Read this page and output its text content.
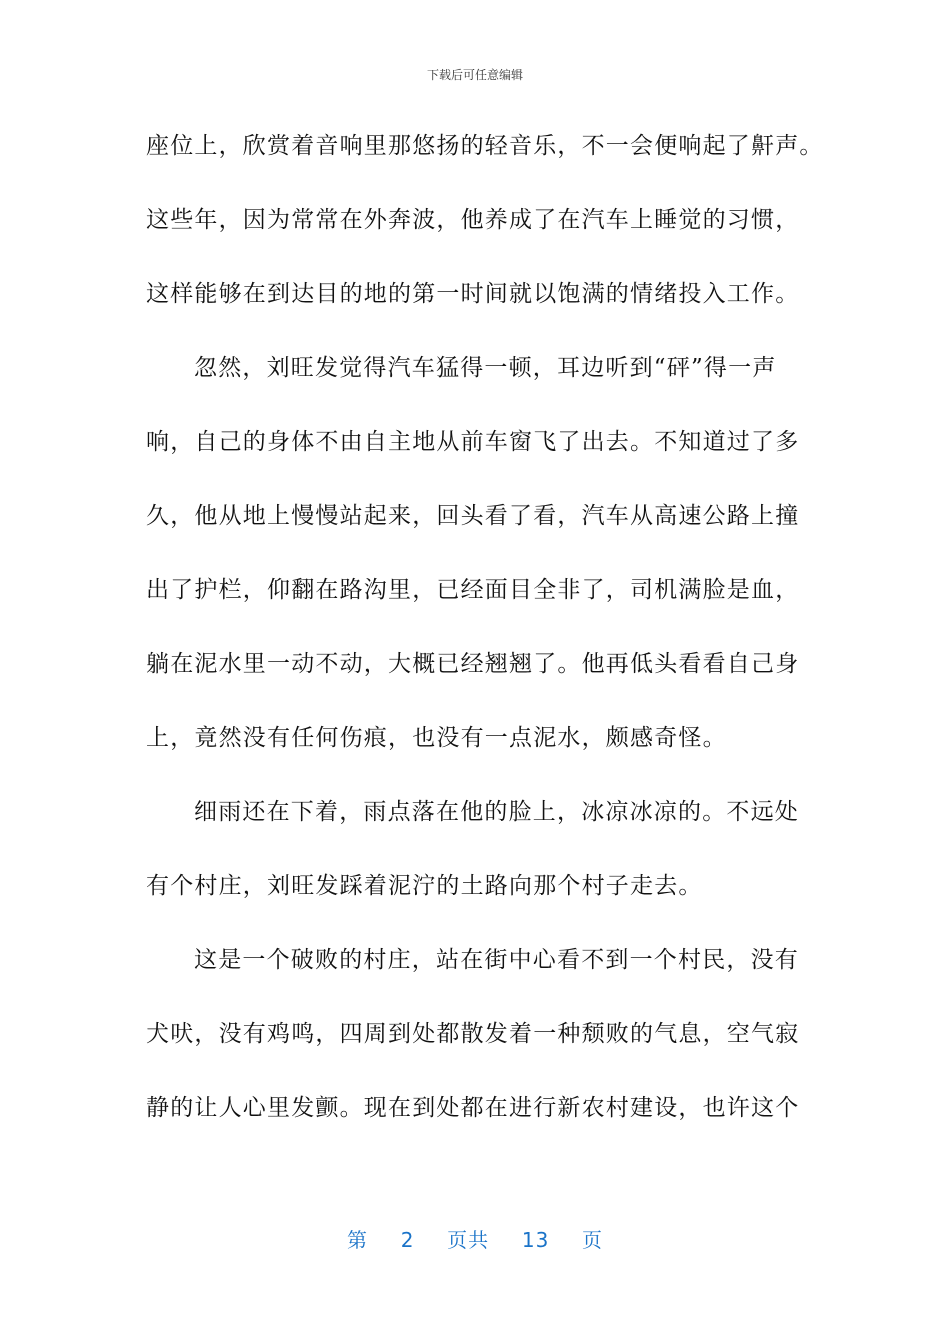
下载后可任意编辑

座位上，欣赏着音响里那悠扬的轻音乐，不一会便响起了鼾声。

这些年，因为常常在外奔波，他养成了在汽车上睡觉的习惯，

这样能够在到达目的地的第一时间就以饱满的情绪投入工作。

忽然，刘旺发觉得汽车猛得一顿，耳边听到“砰”得一声

响，自己的身体不由自主地从前车窗飞了出去。不知道过了多

久，他从地上慢慢站起来，回头看了看，汽车从高速公路上撞

出了护栏，仰翻在路沟里，已经面目全非了，司机满脸是血，

躺在泥水里一动不动，大概已经翘翘了。他再低头看看自己身

上，竟然没有任何伤痕，也没有一点泥水，颇感奇怪。

细雨还在下着，雨点落在他的脸上，冰凉冰凉的。不远处

有个村庄，刘旺发踩着泥泞的土路向那个村子走去。

这是一个破败的村庄，站在街中心看不到一个村民，没有

犬吠，没有鸡鸣，四周到处都散发着一种颓败的气息，空气寂

静的让人心里发颤。现在到处都在进行新农村建设，也许这个

第 2 页共 13 页
